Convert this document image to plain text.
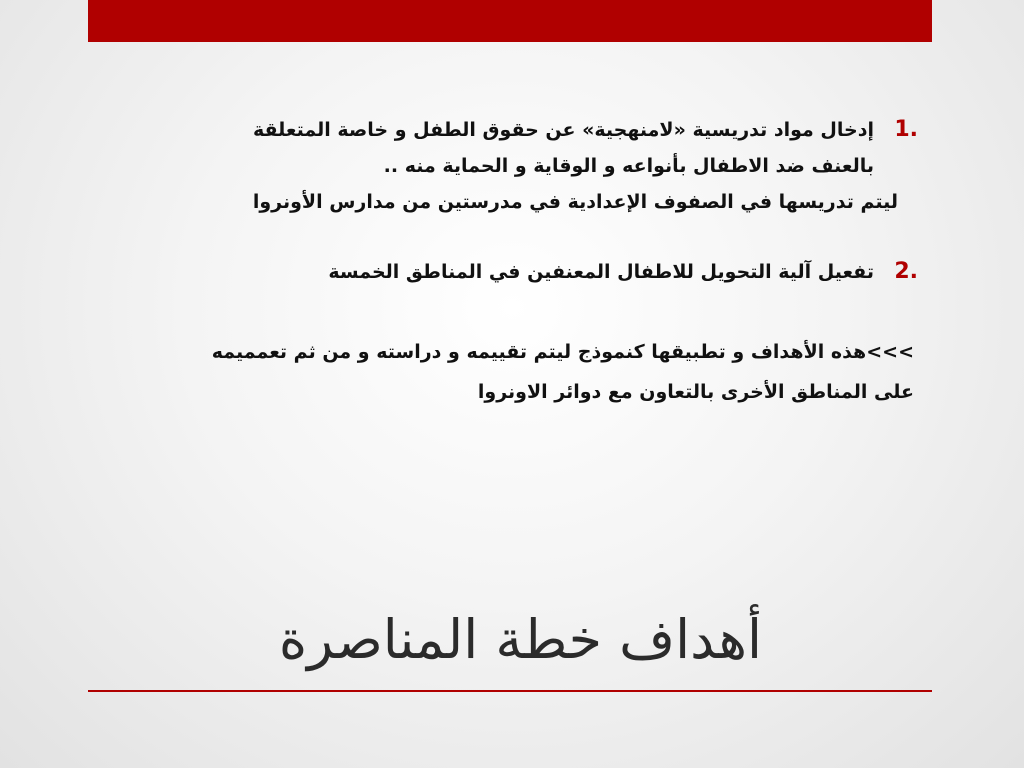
1.
إدخال مواد تدريسية «لامنهجية» عن حقوق الطفل و خاصة المتعلقة
بالعنف ضد الاطفال بأنواعه و الوقاية و الحماية منه ..
ليتم تدريسها في الصفوف الإعدادية في مدرستين من مدارس الأونروا
2.
تفعيل آلية التحويل للاطفال المعنفين في المناطق الخمسة
>>>هذه الأهداف و تطبيقها كنموذج ليتم تقييمه و دراسته و من ثم تعمميمه
على المناطق الأخرى بالتعاون مع دوائر الاونروا
أهداف خطة المناصرة
